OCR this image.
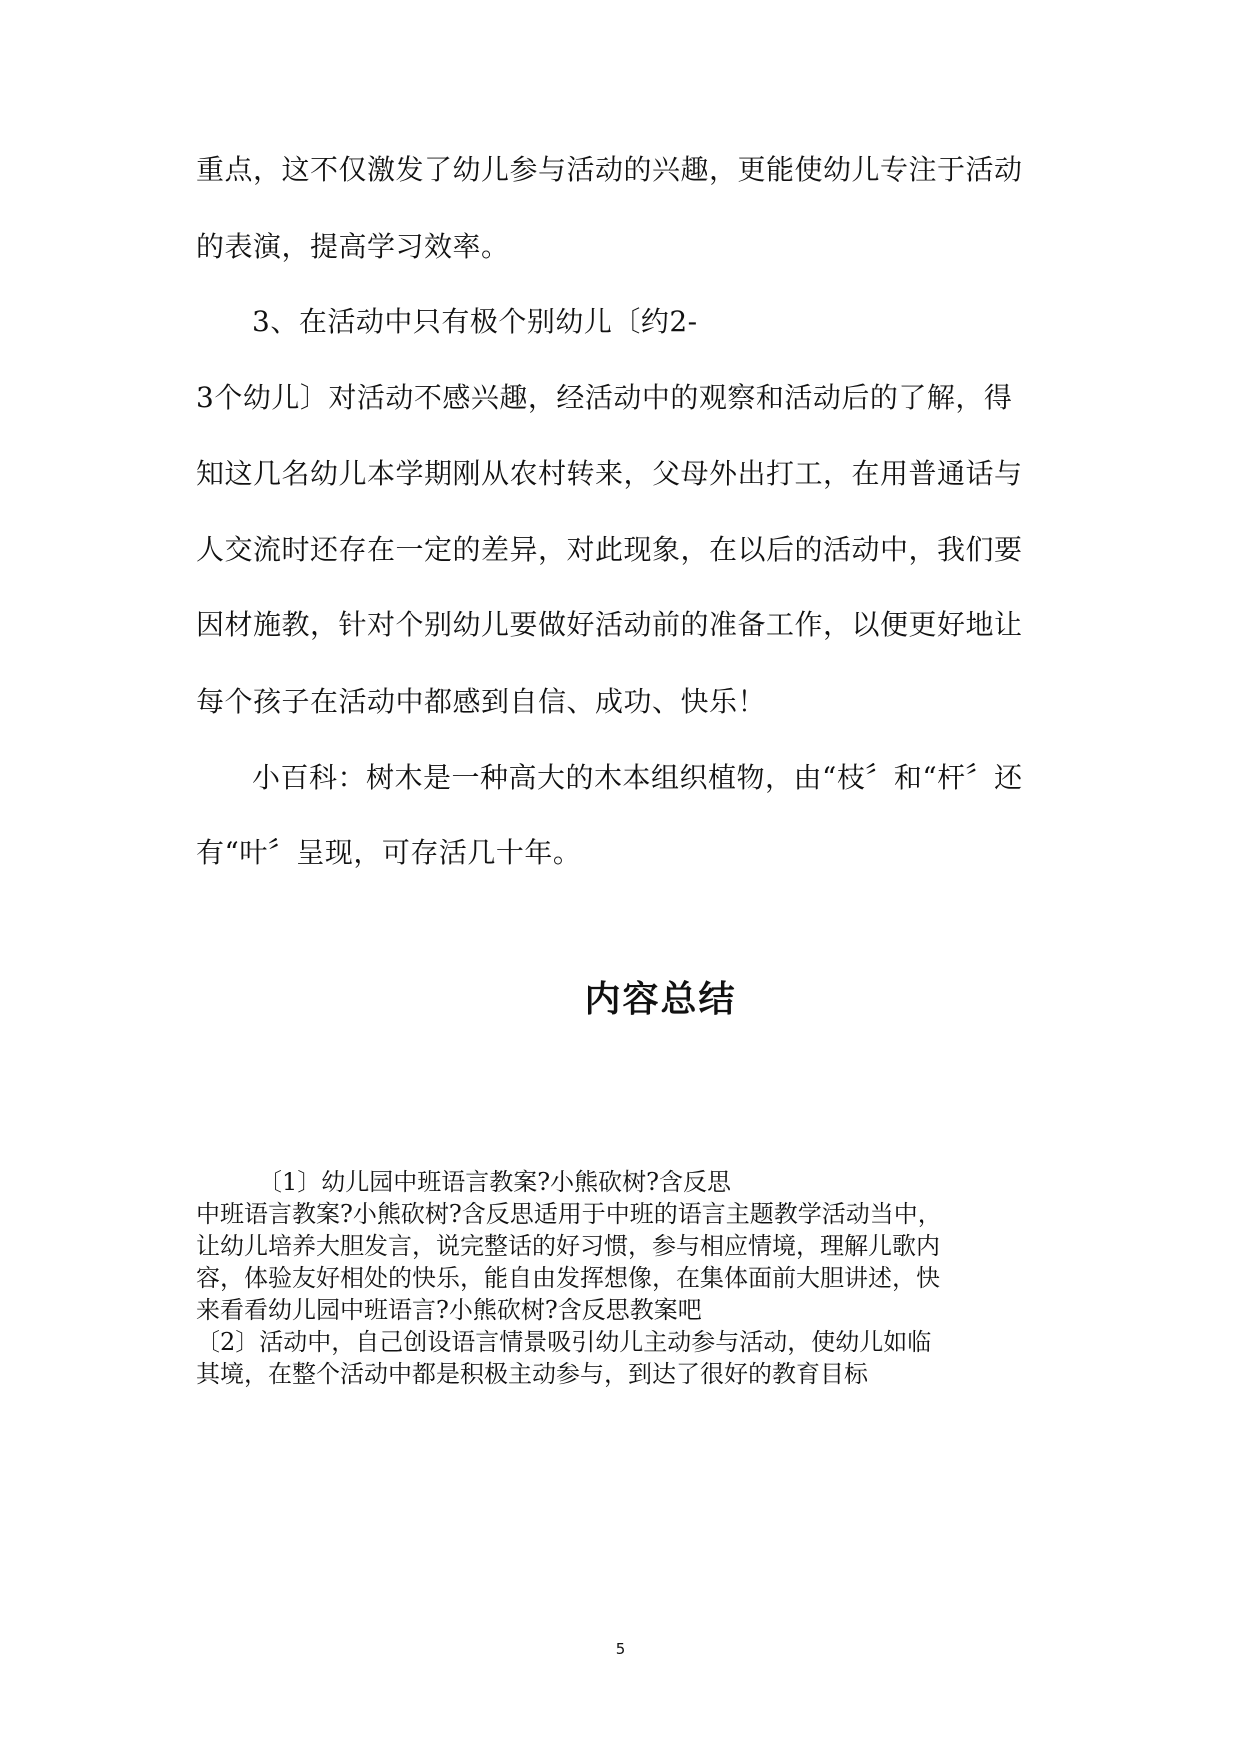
重点，这不仅激发了幼儿参与活动的兴趣，更能使幼儿专注于活动
的表演，提高学习效率。
3、在活动中只有极个别幼儿〔约2-
3个幼儿〕对活动不感兴趣，经活动中的观察和活动后的了解，得
知这几名幼儿本学期刚从农村转来，父母外出打工，在用普通话与
人交流时还存在一定的差异，对此现象，在以后的活动中，我们要
因材施教，针对个别幼儿要做好活动前的准备工作，以便更好地让
每个孩子在活动中都感到自信、成功、快乐！
小百科：树木是一种高大的木本组织植物，由“枝〞和“杆〞还
有“叶〞呈现，可存活几十年。
内容总结
〔1〕幼儿园中班语言教案?小熊砍树?含反思
中班语言教案?小熊砍树?含反思适用于中班的语言主题教学活动当中，
让幼儿培养大胆发言，说完整话的好习惯，参与相应情境，理解儿歌内
容，体验友好相处的快乐，能自由发挥想像，在集体面前大胆讲述，快
来看看幼儿园中班语言?小熊砍树?含反思教案吧
〔2〕活动中，自己创设语言情景吸引幼儿主动参与活动，使幼儿如临
其境，在整个活动中都是积极主动参与，到达了很好的教育目标
5
